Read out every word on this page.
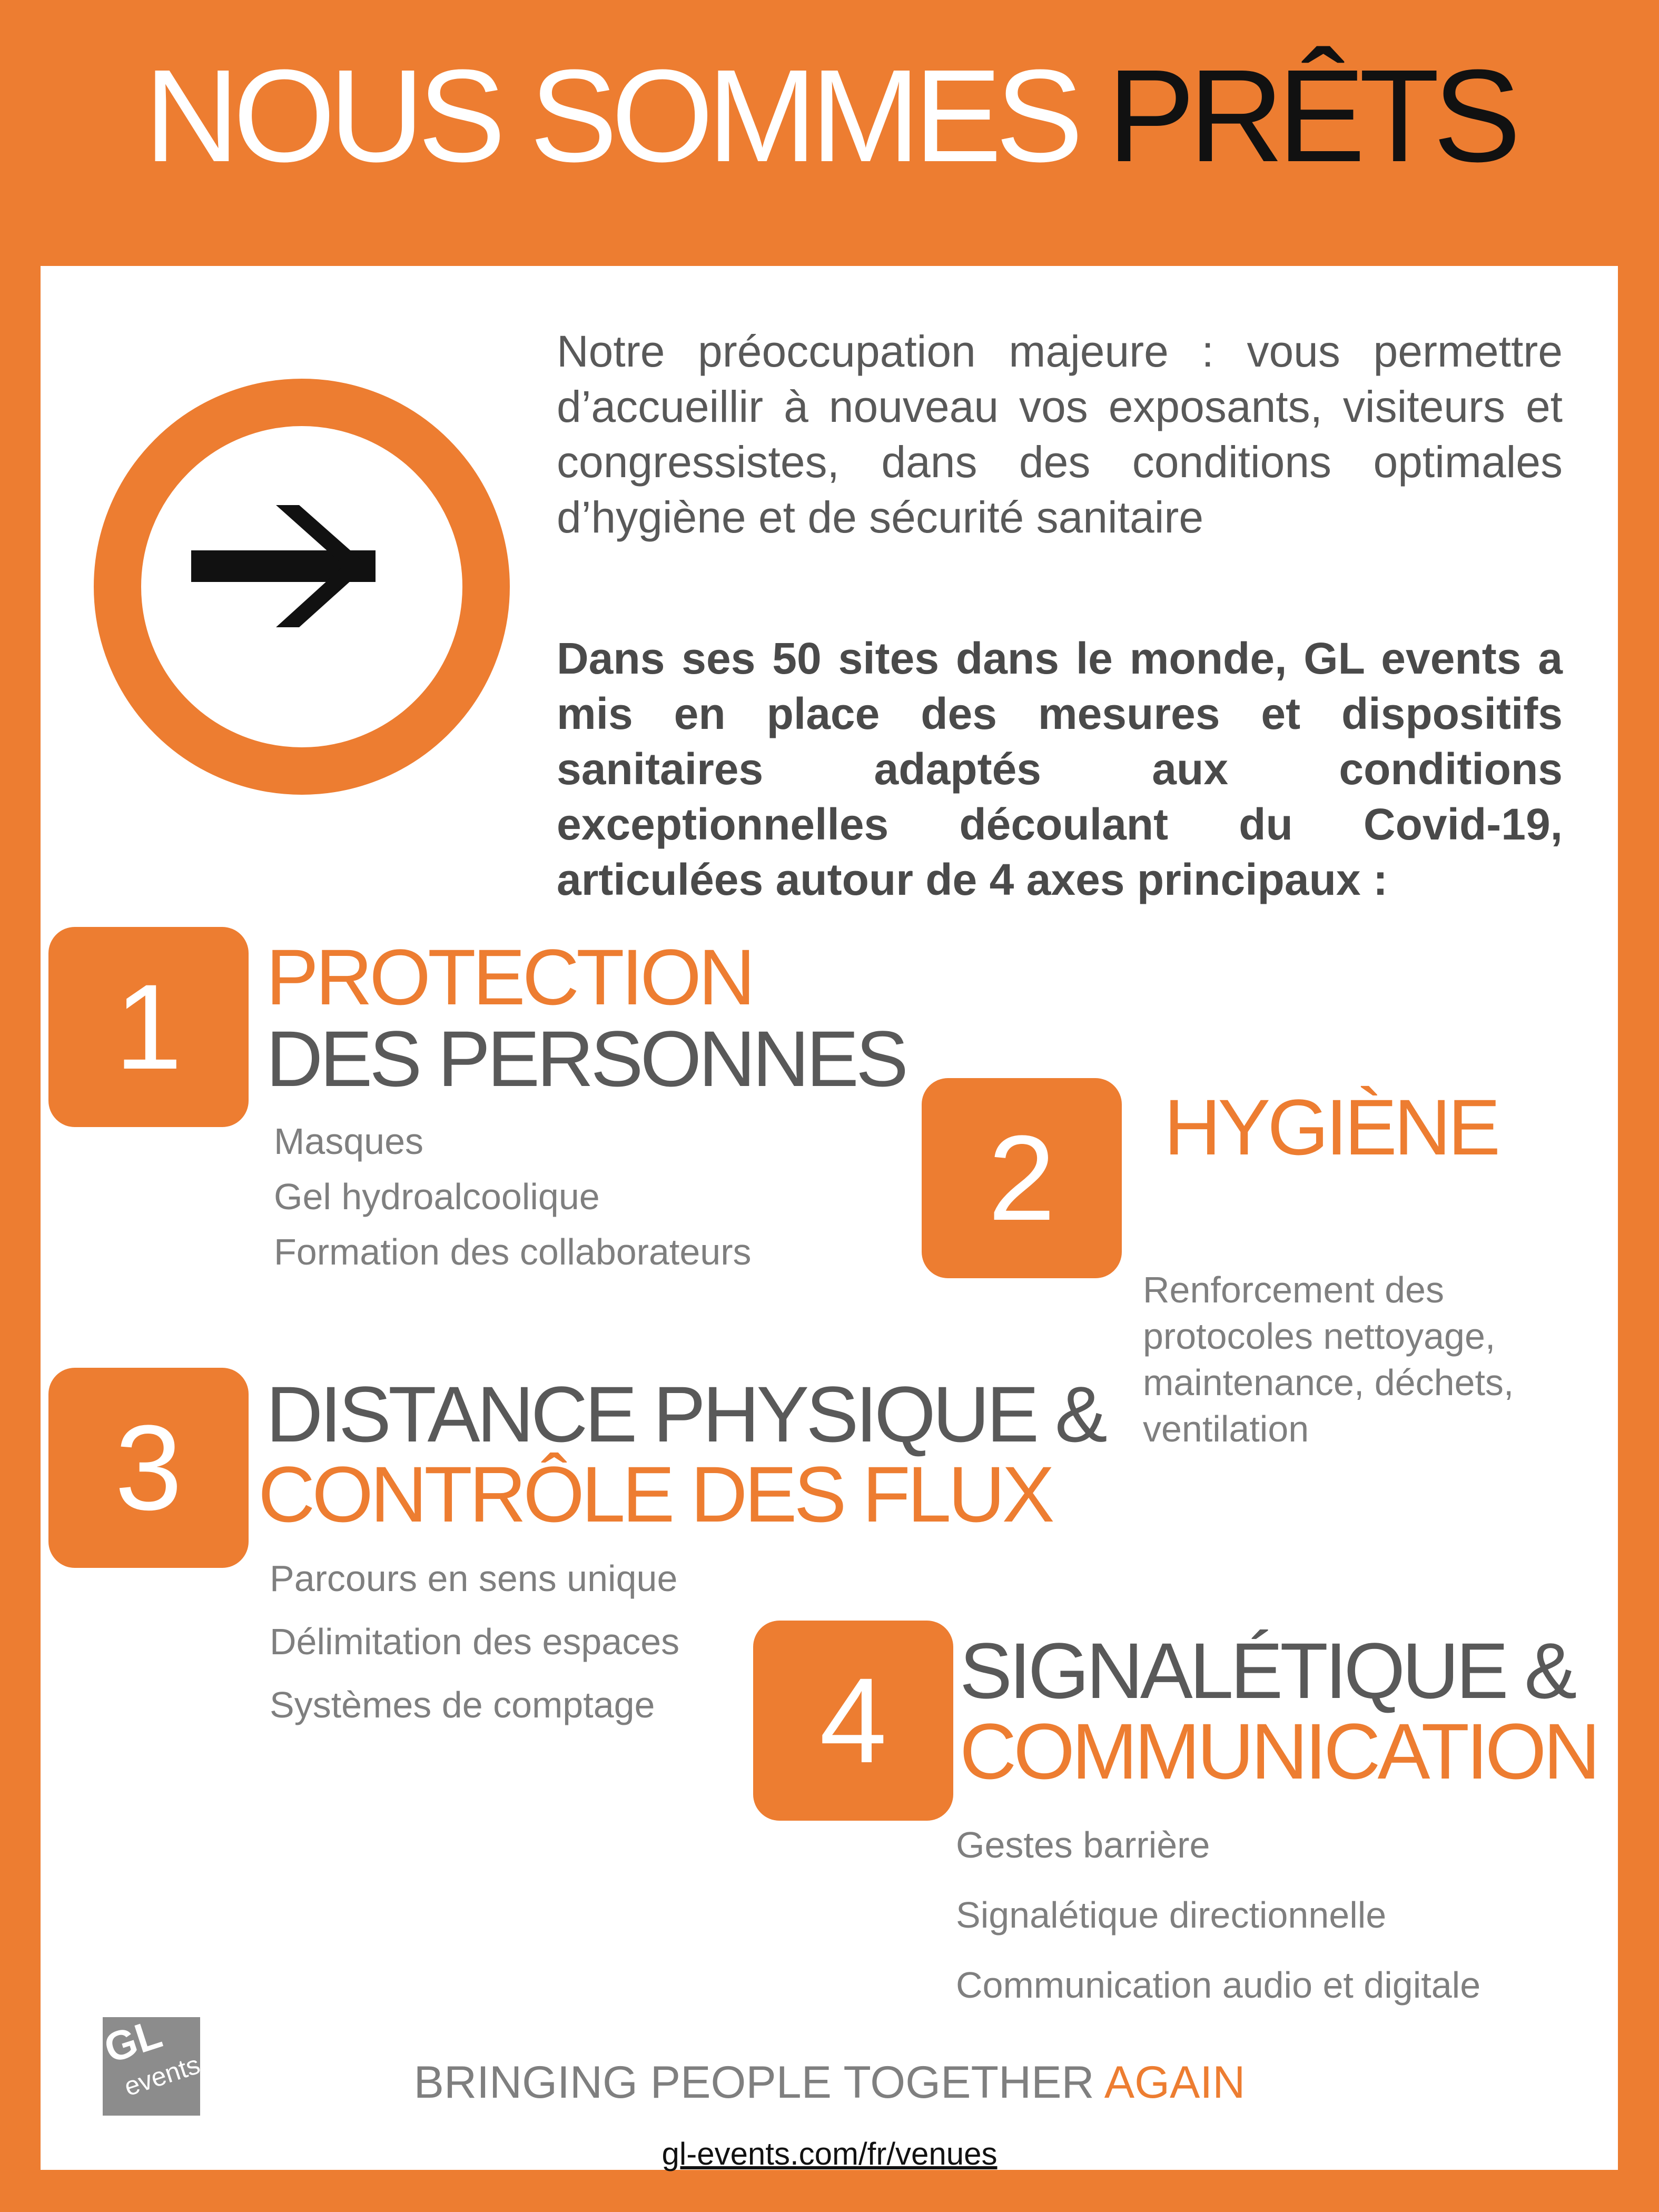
NOUS SOMMES PRÊTS
Notre préoccupation majeure : vous permettre d’accueillir à nouveau vos exposants, visiteurs et congressistes, dans des conditions optimales d’hygiène et de sécurité sanitaire
Dans ses 50 sites dans le monde, GL events a mis en place des mesures et dispositifs sanitaires adaptés aux conditions exceptionnelles découlant du Covid-19, articulées autour de 4 axes principaux :
1	PROTECTION
DES PERSONNES
Masques
Gel hydroalcoolique
Formation des collaborateurs
2	HYGIÈNE
Renforcement des protocoles nettoyage, maintenance, déchets, ventilation
3	DISTANCE PHYSIQUE &
CONTRÔLE DES FLUX
Parcours en sens unique
Délimitation des espaces
Systèmes de comptage	4 SIGNALÉTIQUE &
COMMUNICATION
Gestes barrière
Signalétique directionnelle
Communication audio et digitale
GL
events	BRINGING PEOPLE TOGETHER AGAIN
gl-events.com/fr/venues
